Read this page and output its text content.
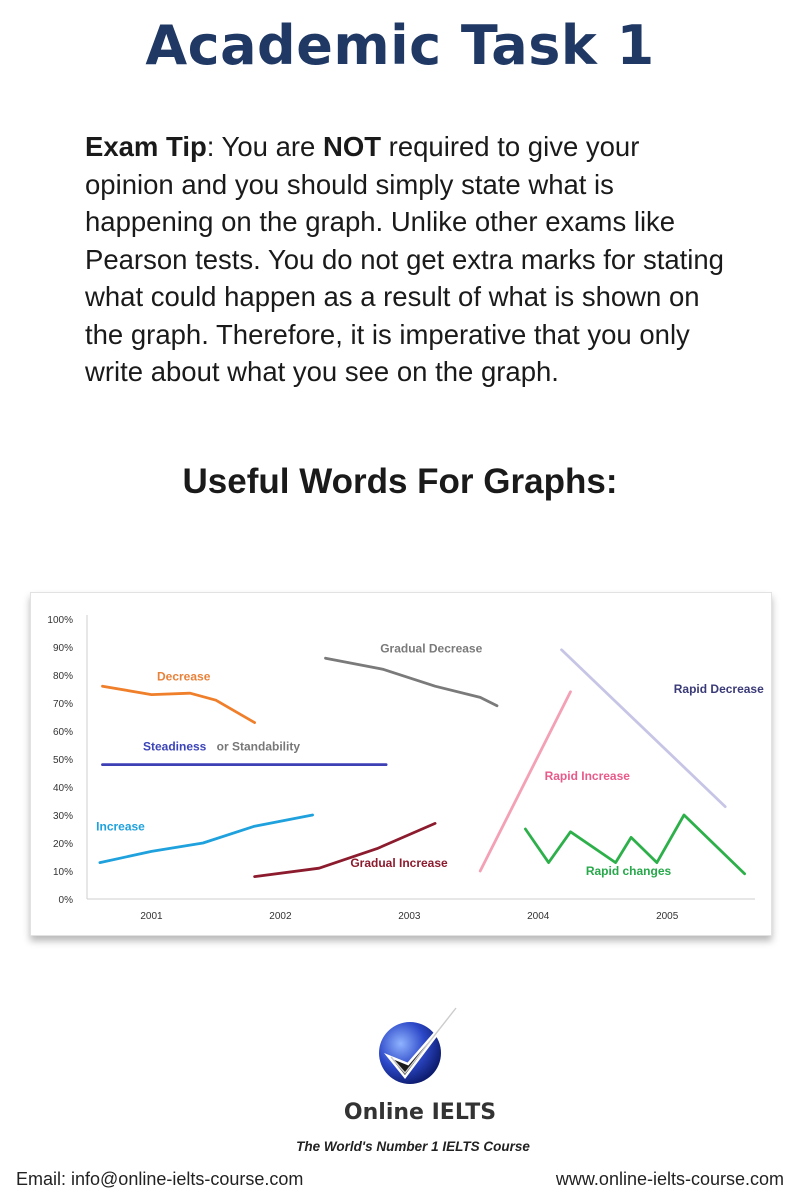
Academic Task 1
Exam Tip: You are NOT required to give your opinion and you should simply state what is happening on the graph. Unlike other exams like Pearson tests. You do not get extra marks for stating what could happen as a result of what is shown on the graph. Therefore, it is imperative that you only write about what you see on the graph.
Useful Words For Graphs:
0%
10%
20%
30%
40%
50%
60%
70%
80%
90%
100%
2001	2002	2003	2004	2005
Decrease
Gradual Decrease
Steadiness or Standability
Increase
Gradual Increase
Rapid Increase
Rapid Decrease
Rapid changes
Online IELTS
The World's Number 1 IELTS Course
Email: info@online-ielts-course.com	www.online-ielts-course.com
